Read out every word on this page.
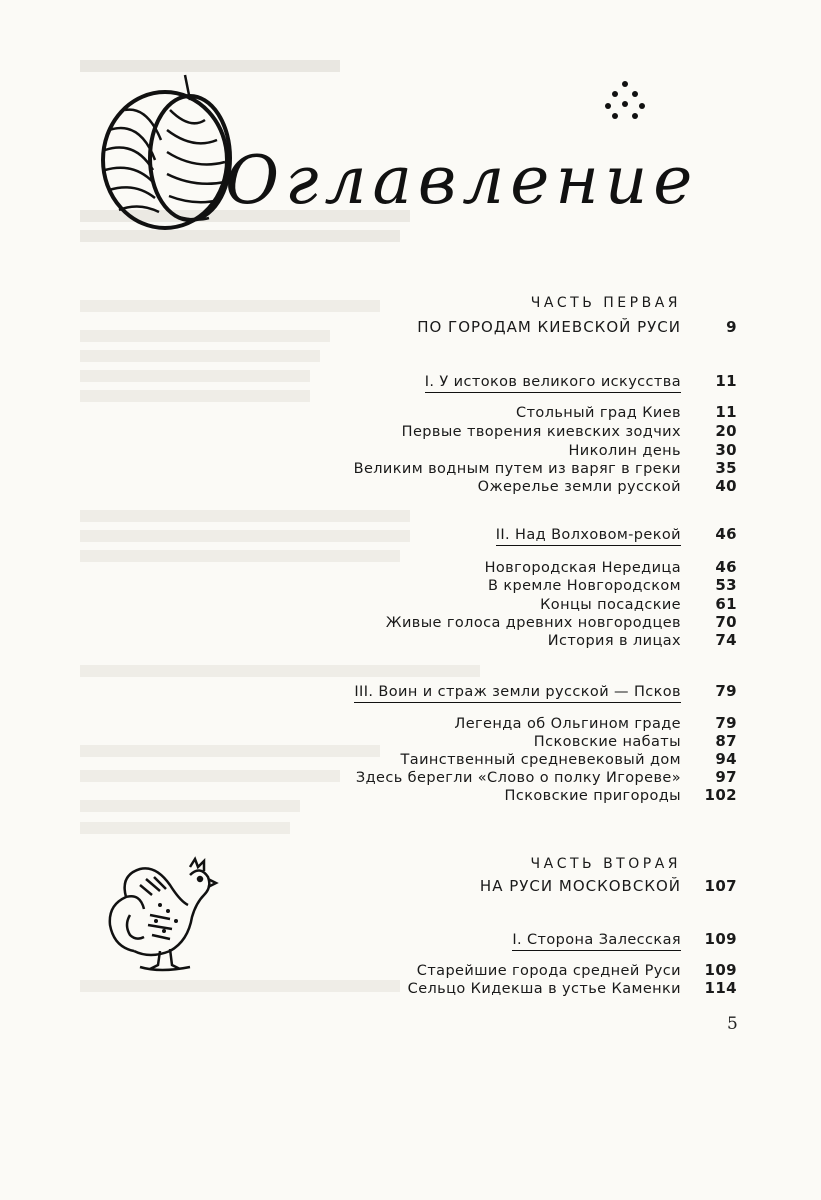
Оглавление
ЧАСТЬ ПЕРВАЯ
ПО ГОРОДАМ КИЕВСКОЙ РУСИ	9
I. У истоков великого искусства	11
Стольный град Киев	11
Первые творения киевских зодчих	20
Николин день	30
Великим водным путем из варяг в греки	35
Ожерелье земли русской	40
II. Над Волховом-рекой	46
Новгородская Нередица	46
В кремле Новгородском	53
Концы посадские	61
Живые голоса древних новгородцев	70
История в лицах	74
III. Воин и страж земли русской — Псков	79
Легенда об Ольгином граде	79
Псковские набаты	87
Таинственный средневековый дом	94
Здесь берегли «Слово о полку Игореве»	97
Псковские пригороды	102
ЧАСТЬ ВТОРАЯ
НА РУСИ МОСКОВСКОЙ	107
I. Сторона Залесская	109
Старейшие города средней Руси	109
Сельцо Кидекша в устье Каменки	114
5
